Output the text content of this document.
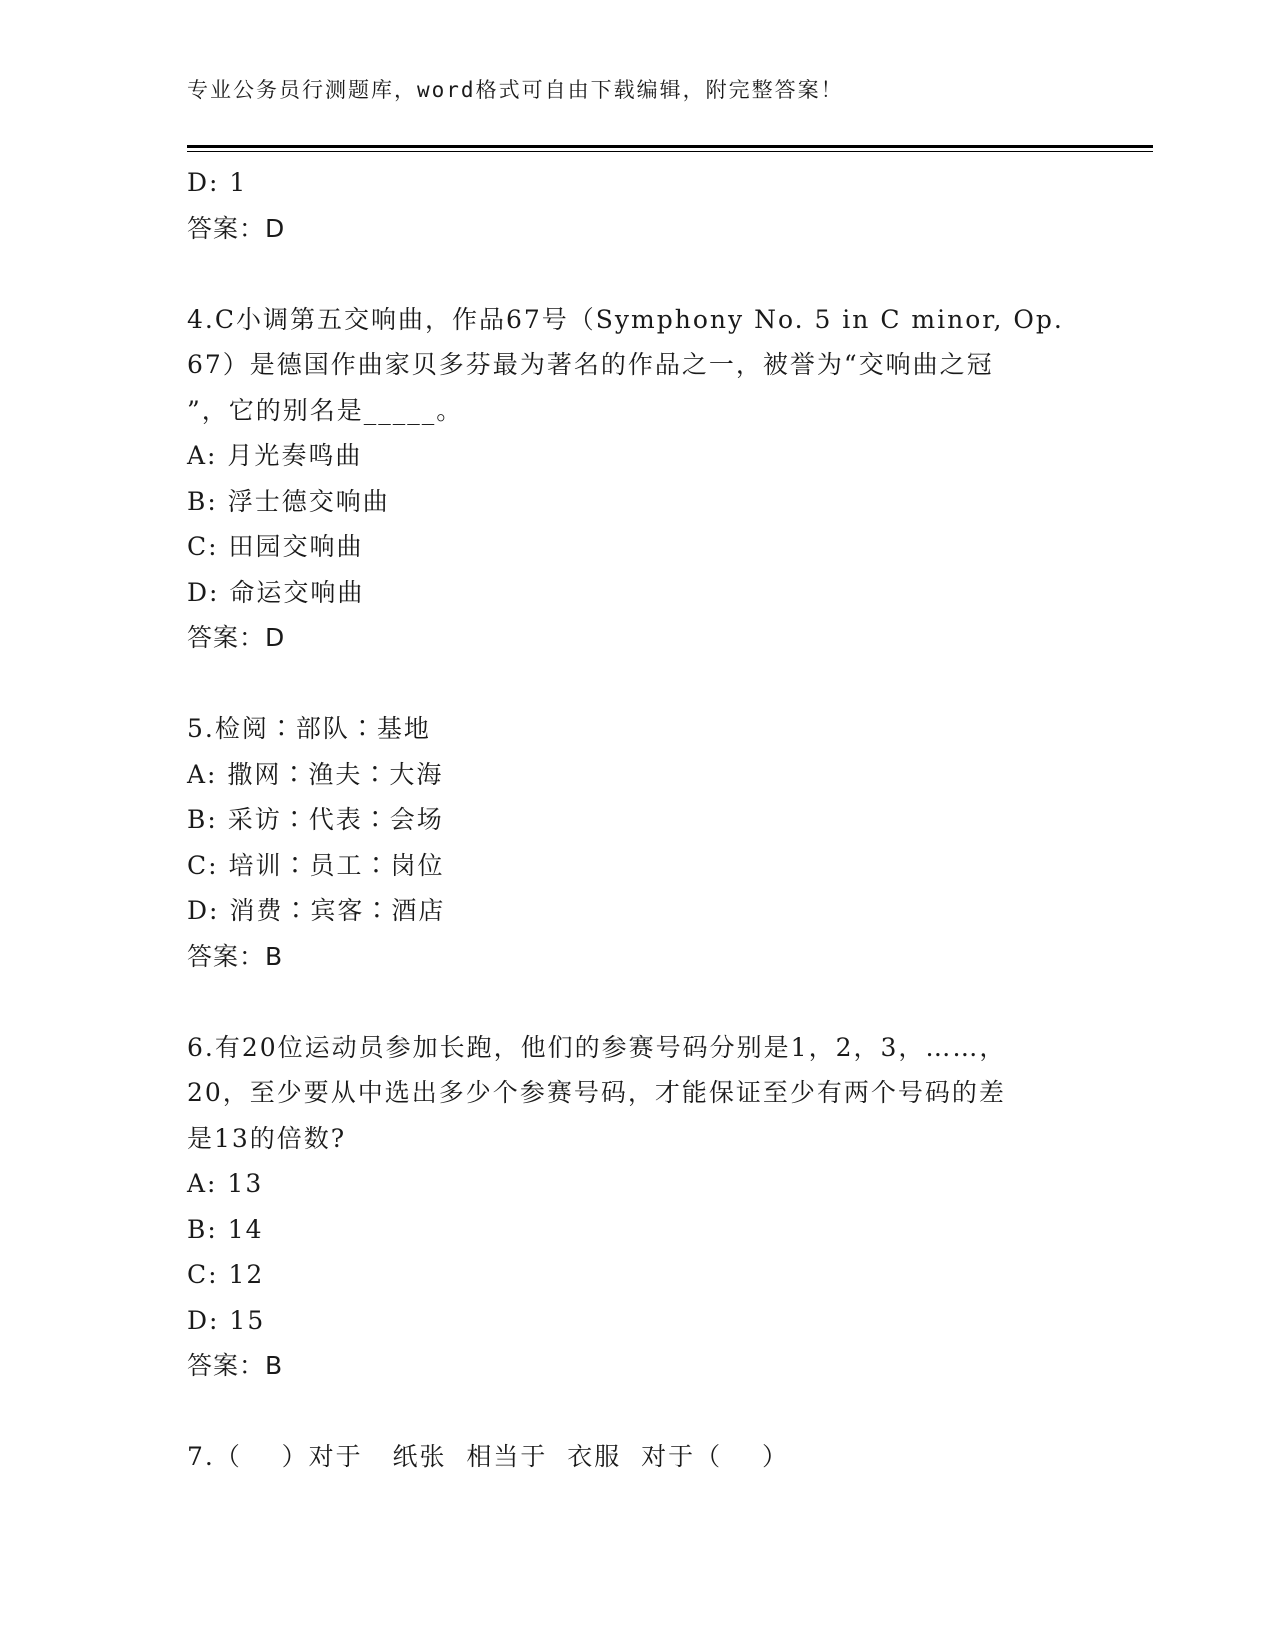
专业公务员行测题库，word格式可自由下载编辑，附完整答案！
D: 1
答案：D
4.C小调第五交响曲，作品67号（Symphony No. 5 in C minor, Op.
67）是德国作曲家贝多芬最为著名的作品之一，被誉为“交响曲之冠
”，它的别名是_____。
A: 月光奏鸣曲
B: 浮士德交响曲
C: 田园交响曲
D: 命运交响曲
答案：D
5.检阅∶部队∶基地
A: 撒网∶渔夫∶大海
B: 采访∶代表∶会场
C: 培训∶员工∶岗位
D: 消费∶宾客∶酒店
答案：B
6.有20位运动员参加长跑，他们的参赛号码分别是1，2，3，……，
20，至少要从中选出多少个参赛号码，才能保证至少有两个号码的差
是13的倍数?
A: 13
B: 14
C: 12
D: 15
答案：B
7.（    ）对于   纸张  相当于  衣服  对于（    ）
